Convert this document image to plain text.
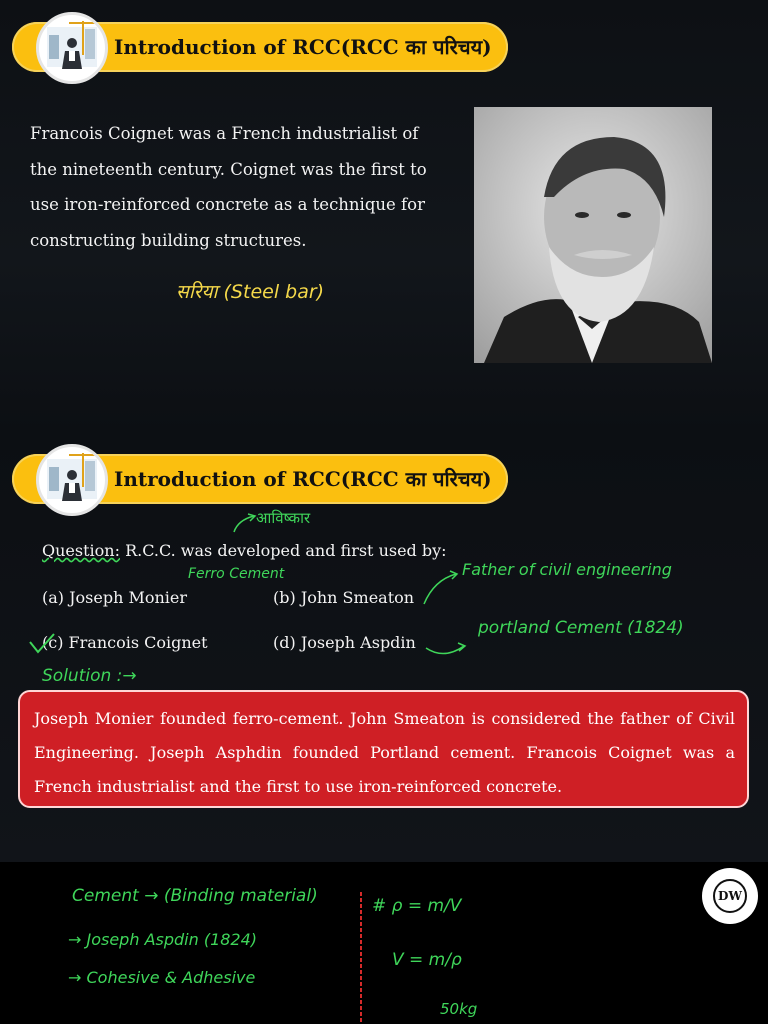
Introduction of RCC(RCC का परिचय)
Francois Coignet was a French industrialist of the nineteenth century. Coignet was the first to use iron-reinforced concrete as a technique for constructing building structures.
सरिया (Steel bar)
Introduction of RCC(RCC का परिचय)
आविष्कार
Question: R.C.C. was developed and first used by:
Ferro Cement
(a) Joseph Monier	(b) John Smeaton
Father of civil engineering
(c) Francois Coignet	(d) Joseph Aspdin
portland Cement (1824)
Solution :→
Joseph Monier founded ferro-cement. John Smeaton is considered the father of Civil Engineering. Joseph Asphdin founded Portland cement. Francois Coignet was a French industrialist and the first to use iron-reinforced concrete.
Cement → (Binding material)
→ Joseph Aspdin (1824)
→ Cohesive & Adhesive
# ρ = m/V
V = m/ρ
50kg
DW
